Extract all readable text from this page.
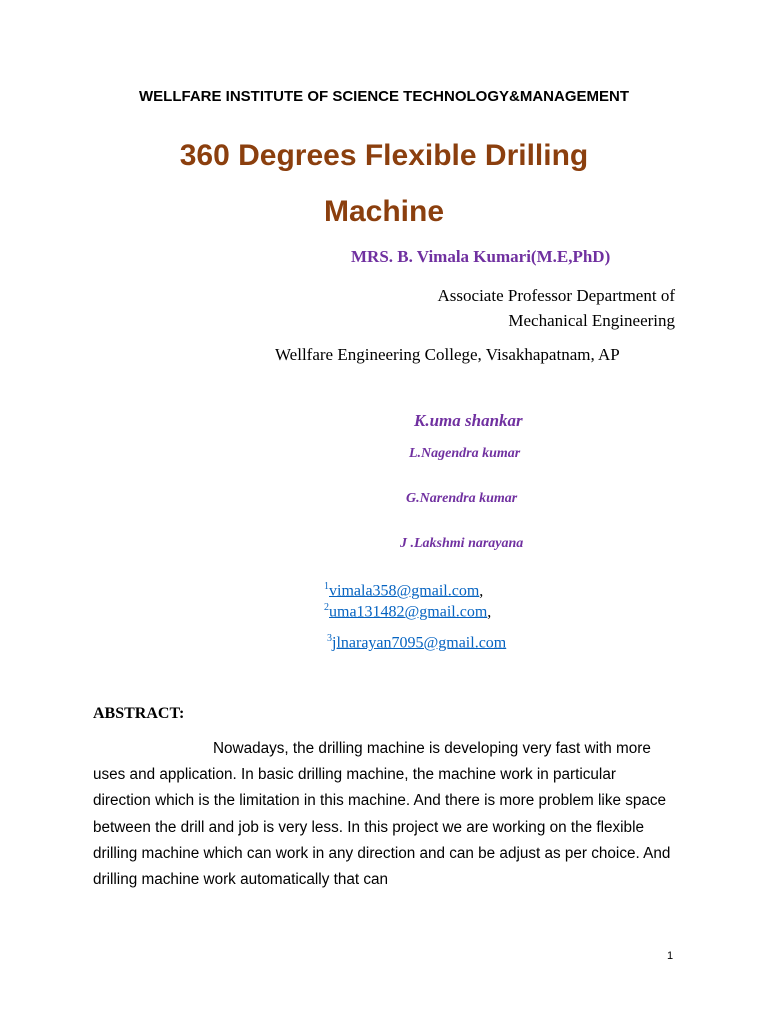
WELLFARE INSTITUTE OF SCIENCE TECHNOLOGY&MANAGEMENT
360 Degrees Flexible Drilling
Machine
MRS. B. Vimala Kumari(M.E,PhD)
Associate Professor Department of
Mechanical Engineering
Wellfare Engineering College, Visakhapatnam, AP
K.uma shankar
L.Nagendra kumar
G.Narendra kumar
J .Lakshmi narayana
$^1$vimala358@gmail.com,
$^2$uma131482@gmail.com,
$^3$jlnarayan7095@gmail.com
ABSTRACT:
Nowadays, the drilling machine is developing very fast with more uses and application. In basic drilling machine, the machine work in particular direction which is the limitation in this machine. And there is more problem like space between the drill and job is very less. In this project we are working on the flexible drilling machine which can work in any direction and can be adjust as per choice. And drilling machine work automatically that can
1
